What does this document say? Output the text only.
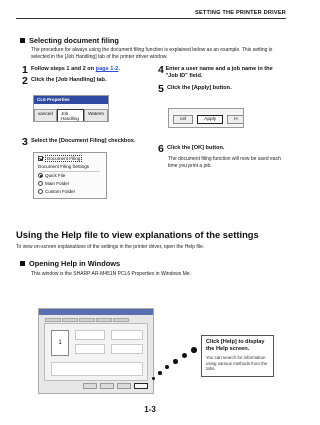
SETTING THE PRINTER DRIVER
Selecting document filing
The procedure for always using the document filing function is explained below as an example. This setting is selected in the [Job Handling] tab of the printer driver window.
1 Follow steps 1 and 2 on page 1-2.
2 Click the [Job Handling] tab.
CL6 Properties
vanced	Job Handling
Waterm
3 Select the [Document Filing] checkbox.
Document Filing
Document Filing Settings
Quick File
Main Folder
Custom Folder
4 Enter a user name and a job name in the "Job ID" field.
5 Click the [Apply] button.
cel	Apply	H
6 Click the [OK] button.
The document filing function will now be used each time you print a job.
Using the Help file to view explanations of the settings
To view on-screen explanations of the settings in the printer driver, open the Help file.
Opening Help in Windows
This window is the SHARP AR-M451N PCL6 Properties in Windows Me.
1	Click [Help] to display the Help screen.
You can search for information using various methods from the tabs.
1-3
